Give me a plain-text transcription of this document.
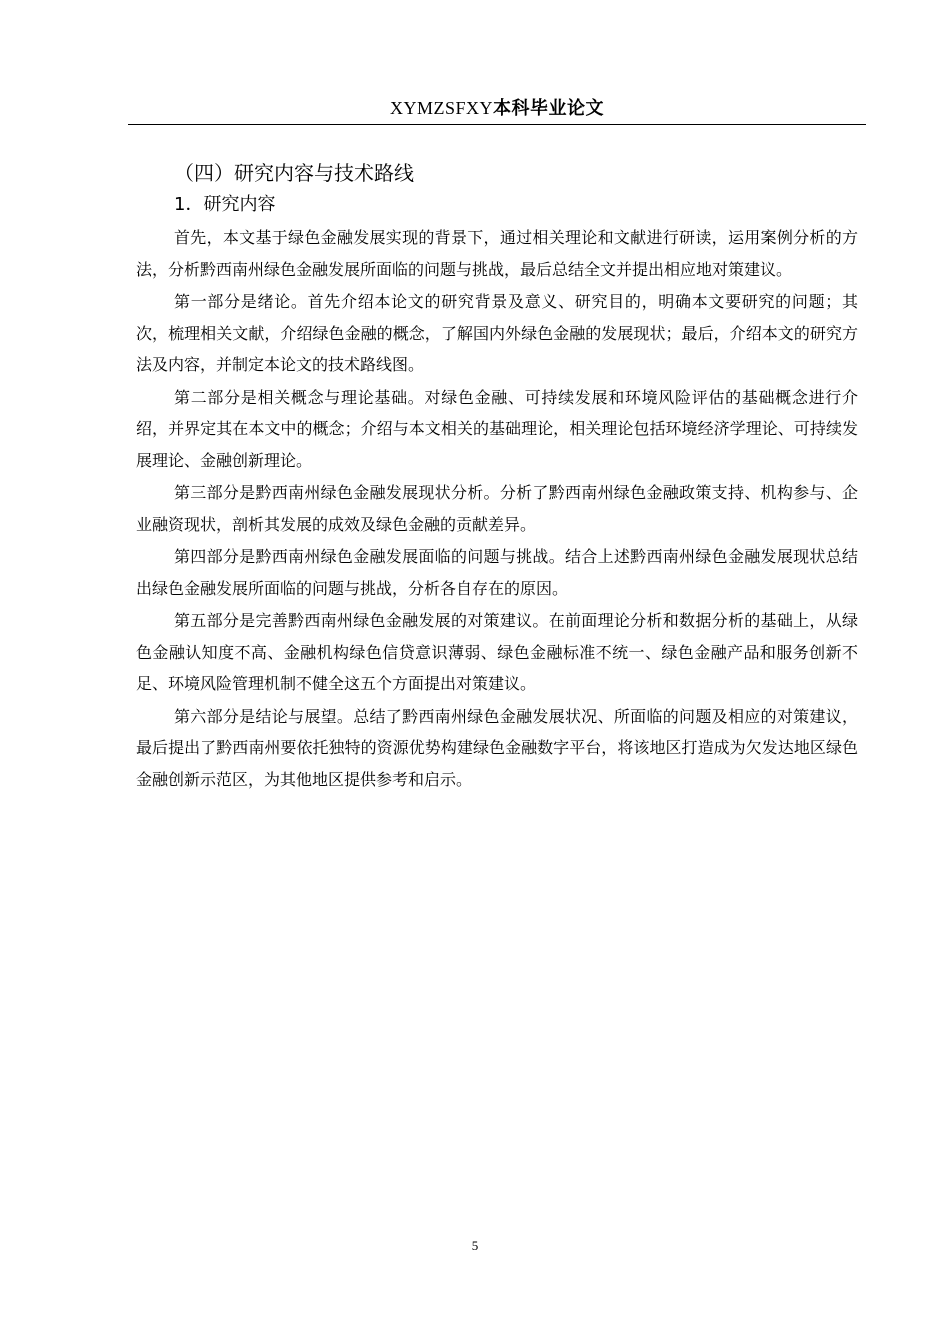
XYMZSFXY本科毕业论文
（四）研究内容与技术路线
1．研究内容

首先，本文基于绿色金融发展实现的背景下，通过相关理论和文献进行研读，运用案例分析的方法，分析黔西南州绿色金融发展所面临的问题与挑战，最后总结全文并提出相应地对策建议。

第一部分是绪论。首先介绍本论文的研究背景及意义、研究目的，明确本文要研究的问题；其次，梳理相关文献，介绍绿色金融的概念，了解国内外绿色金融的发展现状；最后，介绍本文的研究方法及内容，并制定本论文的技术路线图。

第二部分是相关概念与理论基础。对绿色金融、可持续发展和环境风险评估的基础概念进行介绍，并界定其在本文中的概念；介绍与本文相关的基础理论，相关理论包括环境经济学理论、可持续发展理论、金融创新理论。

第三部分是黔西南州绿色金融发展现状分析。分析了黔西南州绿色金融政策支持、机构参与、企业融资现状，剖析其发展的成效及绿色金融的贡献差异。

第四部分是黔西南州绿色金融发展面临的问题与挑战。结合上述黔西南州绿色金融发展现状总结出绿色金融发展所面临的问题与挑战，分析各自存在的原因。

第五部分是完善黔西南州绿色金融发展的对策建议。在前面理论分析和数据分析的基础上，从绿色金融认知度不高、金融机构绿色信贷意识薄弱、绿色金融标准不统一、绿色金融产品和服务创新不足、环境风险管理机制不健全这五个方面提出对策建议。

第六部分是结论与展望。总结了黔西南州绿色金融发展状况、所面临的问题及相应的对策建议，最后提出了黔西南州要依托独特的资源优势构建绿色金融数字平台，将该地区打造成为欠发达地区绿色金融创新示范区，为其他地区提供参考和启示。

5
